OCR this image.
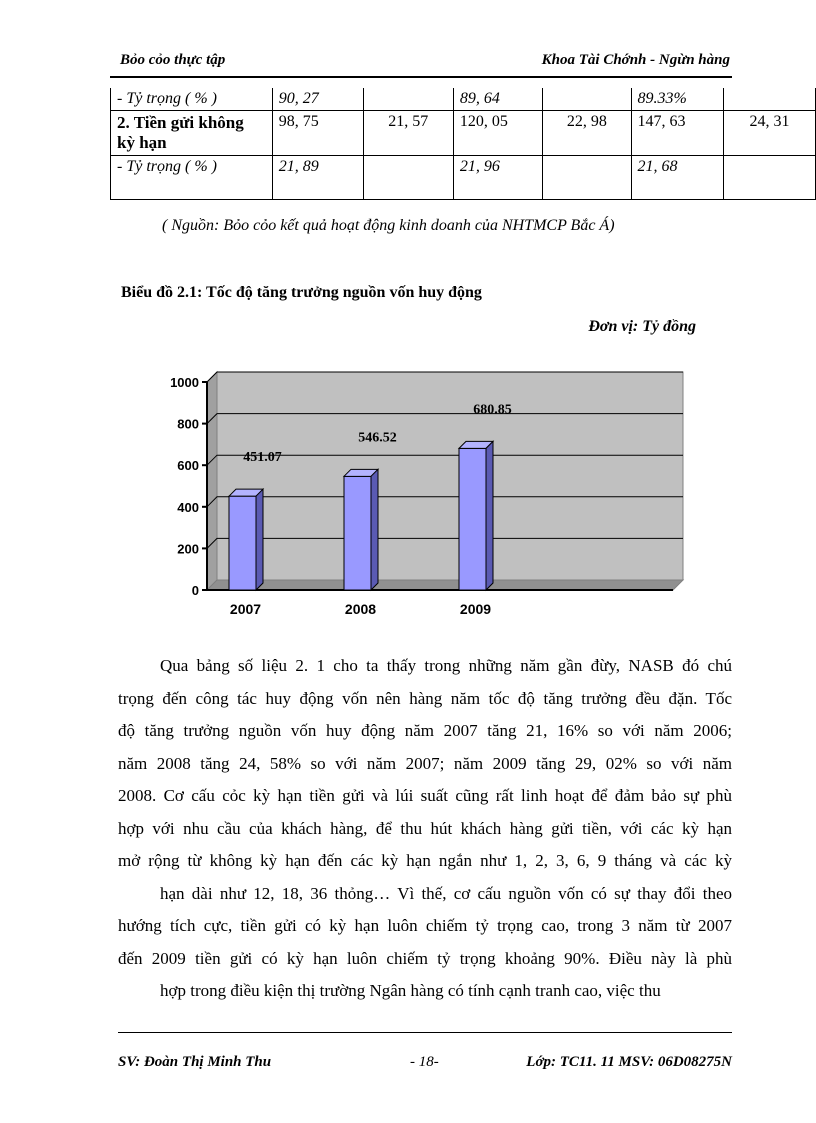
Bỏo cỏo thực tập	Khoa Tài Chớnh - Ngừn hàng
- Tỷ trọng ( % )	90, 27		89, 64		89.33%	
2. Tiền gửi không kỳ hạn	98, 75	21, 57	120, 05	22, 98	147, 63	24, 31
- Tỷ trọng ( % )	21, 89		21, 96		21, 68	
( Nguồn: Bỏo cỏo kết quả hoạt động kinh doanh của NHTMCP Bắc Á)
Biểu đồ 2.1: Tốc độ tăng trưởng nguồn vốn huy động
Đơn vị: Tỷ đồng
0
200
400
600
800
1000
451.07
2007
546.52
2008
680.85
2009
Qua bảng số liệu 2. 1 cho ta thấy trong những năm gần đừy, NASB đó chú
trọng đến công tác huy động vốn nên hàng năm tốc độ tăng trưởng đều đặn. Tốc
độ tăng trưởng nguồn vốn huy động năm 2007 tăng 21, 16% so với năm 2006;
năm 2008 tăng 24, 58% so với năm 2007; năm 2009 tăng 29, 02% so với năm
2008. Cơ cấu cỏc kỳ hạn tiền gửi và lúi suất cũng rất linh hoạt để đảm bảo sự phù
hợp với nhu cầu của khách hàng, để thu hút khách hàng gửi tiền, với các kỳ hạn
mở rộng từ không kỳ hạn đến các kỳ hạn ngắn như 1, 2, 3, 6, 9 tháng và các kỳ
hạn dài như 12, 18, 36 thỏng… Vì thế, cơ cấu nguồn vốn có sự thay đổi theo
hướng tích cực, tiền gửi có kỳ hạn luôn chiếm tỷ trọng cao, trong 3 năm từ 2007
đến 2009 tiền gửi có kỳ hạn luôn chiếm tỷ trọng khoảng 90%. Điều này là phù
hợp trong điều kiện thị trường Ngân hàng có tính cạnh tranh cao, việc thu
SV: Đoàn Thị Minh Thu	- 18-	Lớp: TC11. 11 MSV: 06D08275N
